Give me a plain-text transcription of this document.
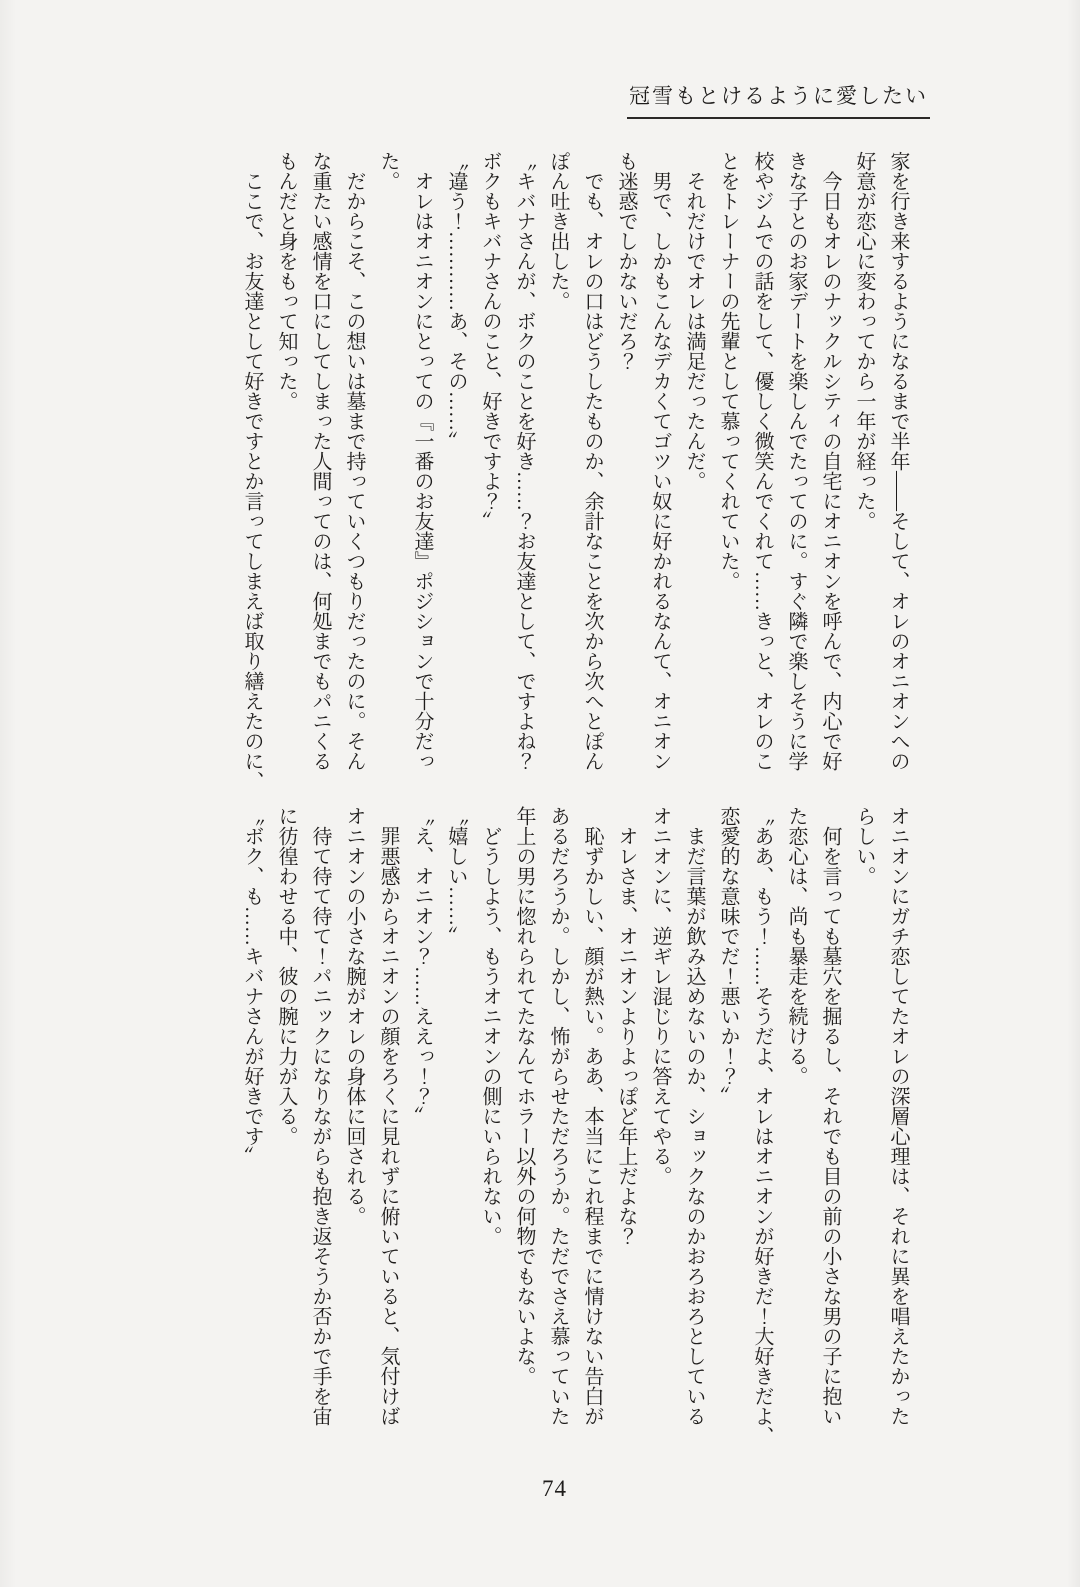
冠雪もとけるように愛したい
家を行き来するようになるまで半年――そして、オレのオニオンへの
好意が恋心に変わってから一年が経った。
今日もオレのナックルシティの自宅にオニオンを呼んで、内心で好
きな子とのお家デートを楽しんでたってのに。すぐ隣で楽しそうに学
校やジムでの話をして、優しく微笑んでくれて……きっと、オレのこ
とをトレーナーの先輩として慕ってくれていた。
それだけでオレは満足だったんだ。
男で、しかもこんなデカくてゴツい奴に好かれるなんて、オニオン
も迷惑でしかないだろ？
でも、オレの口はどうしたものか、余計なことを次から次へとぽん
ぽん吐き出した。
〝キバナさんが、ボクのことを好き……？お友達として、ですよね？
ボクもキバナさんのこと、好きですよ？〟
〝違う！…………あ、その……〟
オレはオニオンにとっての『一番のお友達』ポジションで十分だっ
た。
だからこそ、この想いは墓まで持っていくつもりだったのに。そん
な重たい感情を口にしてしまった人間ってのは、何処までもパニくる
もんだと身をもって知った。
ここで、お友達として好きですとか言ってしまえば取り繕えたのに、
オニオンにガチ恋してたオレの深層心理は、それに異を唱えたかった
らしい。
何を言っても墓穴を掘るし、それでも目の前の小さな男の子に抱い
た恋心は、尚も暴走を続ける。
〝ああ、もう！……そうだよ、オレはオニオンが好きだ！大好きだよ、
恋愛的な意味でだ！悪いか！？〟
まだ言葉が飲み込めないのか、ショックなのかおろおろとしている
オニオンに、逆ギレ混じりに答えてやる。
オレさま、オニオンよりよっぽど年上だよな？
恥ずかしい、顔が熱い。ああ、本当にこれ程までに情けない告白が
あるだろうか。しかし、怖がらせただろうか。ただでさえ慕っていた
年上の男に惚れられてたなんてホラー以外の何物でもないよな。
どうしよう、もうオニオンの側にいられない。
〝嬉しい……〟
〝え、オニオン？……ええっ！？〟
罪悪感からオニオンの顔をろくに見れずに俯いていると、気付けば
オニオンの小さな腕がオレの身体に回される。
待て待て待て！パニックになりながらも抱き返そうか否かで手を宙
に彷徨わせる中、彼の腕に力が入る。
〝ボク、も……キバナさんが好きです〟
74
